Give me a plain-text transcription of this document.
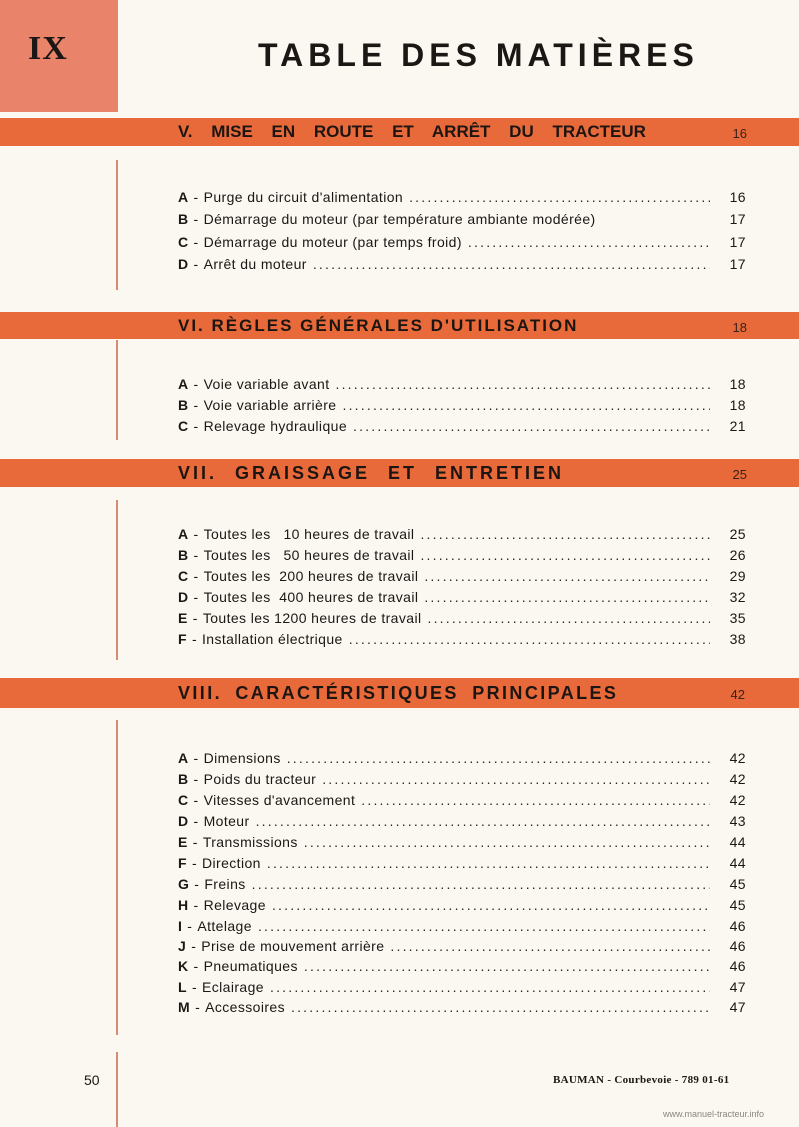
IX	TABLE DES MATIÈRES
V. MISE EN ROUTE ET ARRÊT DU TRACTEUR	16
A - Purge du circuit d'alimentation .....	16
B - Démarrage du moteur (par température ambiante modérée)	17
C - Démarrage du moteur (par temps froid) .....	17
D - Arrêt du moteur .....	17
VI. RÈGLES GÉNÉRALES D'UTILISATION	18
A - Voie variable avant .....	18
B - Voie variable arrière .....	18
C - Relevage hydraulique .....	21
VII. GRAISSAGE ET ENTRETIEN	25
A - Toutes les   10 heures de travail .....	25
B - Toutes les   50 heures de travail .....	26
C - Toutes les  200 heures de travail .....	29
D - Toutes les  400 heures de travail .....	32
E - Toutes les 1200 heures de travail .....	35
F - Installation électrique .....	38
VIII. CARACTÉRISTIQUES PRINCIPALES	42
A - Dimensions .....	42
B - Poids du tracteur .....	42
C - Vitesses d'avancement .....	42
D - Moteur .....	43
E - Transmissions .....	44
F - Direction .....	44
G - Freins .....	45
H - Relevage .....	45
I - Attelage .....	46
J - Prise de mouvement arrière .....	46
K - Pneumatiques .....	46
L - Eclairage .....	47
M - Accessoires .....	47
50	BAUMAN - Courbevoie - 789 01-61
www.manuel-tracteur.info
